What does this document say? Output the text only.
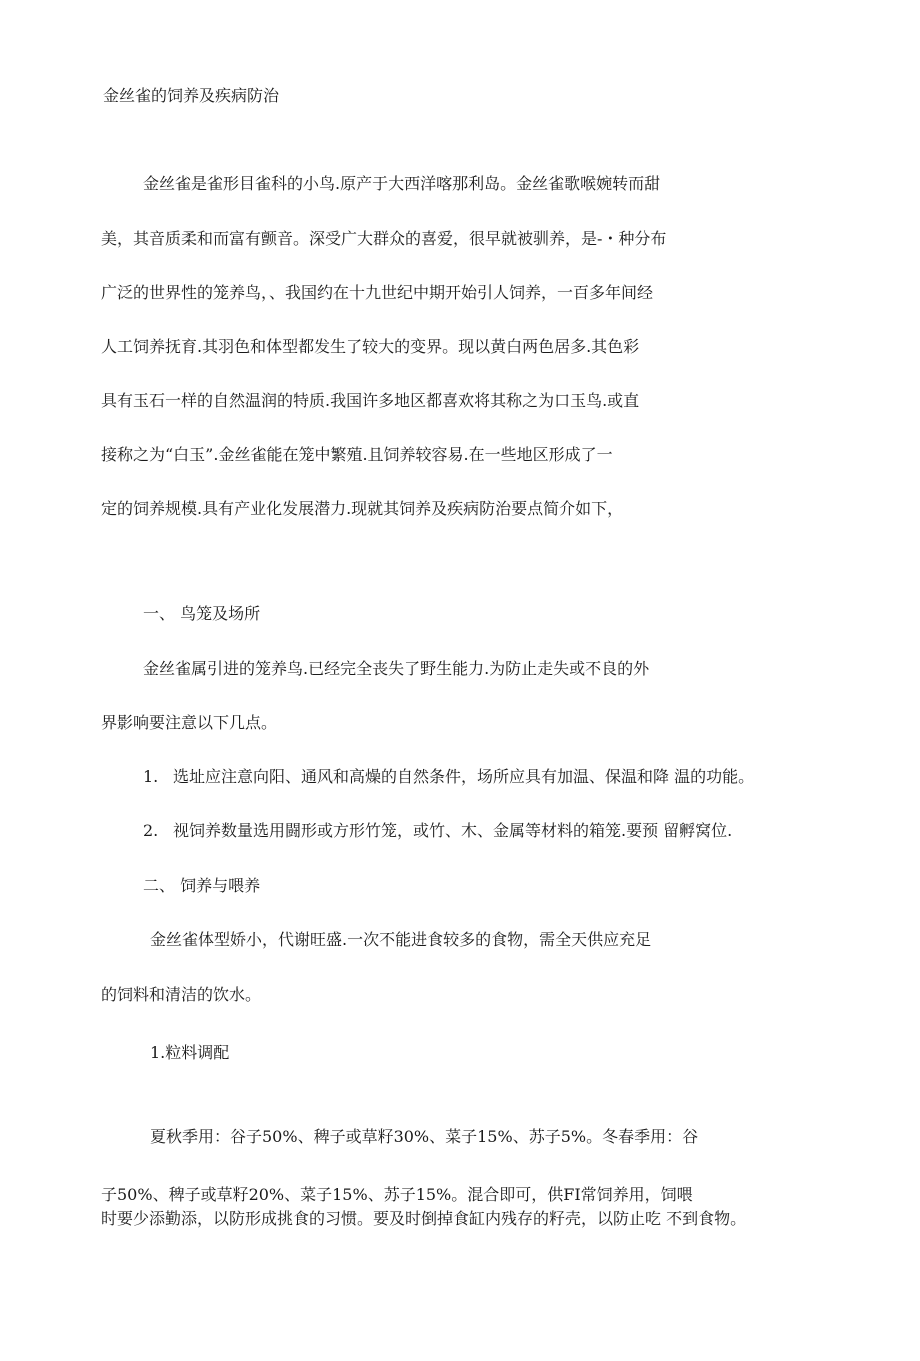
金丝雀的饲养及疾病防治
金丝雀是雀形目雀科的小鸟.原产于大西洋喀那利岛。金丝雀歌喉婉转而甜
美，其音质柔和而富有颤音。深受广大群众的喜爱，很早就被驯养，是-・种分布
广泛的世界性的笼养鸟，、我国约在十九世纪中期开始引人饲养，一百多年间经
人工饲养抚育.其羽色和体型都发生了较大的变界。现以黄白两色居多.其色彩
具有玉石一样的自然温润的特质.我国许多地区都喜欢将其称之为口玉鸟.或直
接称之为“白玉”.金丝雀能在笼中繁殖.且饲养较容易.在一些地区形成了一
定的饲养规模.具有产业化发展潜力.现就其饲养及疾病防治要点简介如下，
一、 鸟笼及场所
金丝雀属引进的笼养鸟.已经完全丧失了野生能力.为防止走失或不良的外
界影响要注意以下几点。
1. 选址应注意向阳、通风和高燥的自然条件，场所应具有加温、保温和降 温的功能。
2. 视饲养数量选用闘形或方形竹笼，或竹、木、金属等材料的箱笼.要预 留孵窝位.
二、 饲养与喂养
金丝雀体型娇小，代谢旺盛.一次不能进食较多的食物，需全天供应充足
的饲料和清洁的饮水。
1.粒料调配
夏秋季用：谷子50%、稗子或草籽30%、菜子15%、苏子5%。冬春季用：谷
子50%、稗子或草籽20%、菜子15%、苏子15%。混合即可，供FI常饲养用，饲喂
时要少添勤添，以防形成挑食的习惯。要及时倒掉食缸内残存的籽壳，以防止吃 不到食物。
